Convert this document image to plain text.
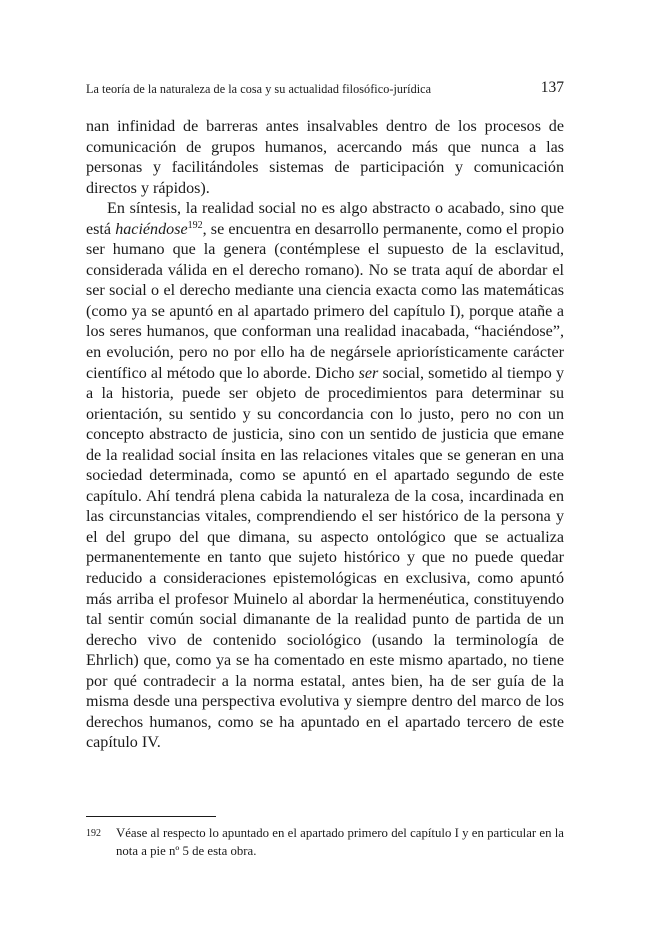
La teoría de la naturaleza de la cosa y su actualidad filosófico-jurídica	137

nan infinidad de barreras antes insalvables dentro de los procesos de comunicación de grupos humanos, acercando más que nunca a las personas y facilitándoles sistemas de participación y comunicación directos y rápidos).

En síntesis, la realidad social no es algo abstracto o acabado, sino que está haciéndose$^{192}$, se encuentra en desarrollo permanente, como el propio ser humano que la genera (contémplese el supuesto de la esclavitud, considerada válida en el derecho romano). No se trata aquí de abordar el ser social o el derecho mediante una ciencia exacta como las matemáticas (como ya se apuntó en al apartado primero del capítulo I), porque atañe a los seres humanos, que conforman una realidad inacabada, “haciéndose”, en evolución, pero no por ello ha de negársele apriorísticamente carácter científico al método que lo aborde. Dicho ser social, sometido al tiempo y a la historia, puede ser objeto de procedimientos para determinar su orientación, su sentido y su concordancia con lo justo, pero no con un concepto abstracto de justicia, sino con un sentido de justicia que emane de la realidad social ínsita en las relaciones vitales que se generan en una sociedad determinada, como se apuntó en el apartado segundo de este capítulo. Ahí tendrá plena cabida la naturaleza de la cosa, incardinada en las circunstancias vitales, comprendiendo el ser histórico de la persona y el del grupo del que dimana, su aspecto ontológico que se actualiza permanentemente en tanto que sujeto histórico y que no puede quedar reducido a consideraciones epistemológicas en exclusiva, como apuntó más arriba el profesor Muinelo al abordar la hermenéutica, constituyendo tal sentir común social dimanante de la realidad punto de partida de un derecho vivo de contenido sociológico (usando la terminología de Ehrlich) que, como ya se ha comentado en este mismo apartado, no tiene por qué contradecir a la norma estatal, antes bien, ha de ser guía de la misma desde una perspectiva evolutiva y siempre dentro del marco de los derechos humanos, como se ha apuntado en el apartado tercero de este capítulo IV.

192 Véase al respecto lo apuntado en el apartado primero del capítulo I y en particular en la nota a pie nº 5 de esta obra.
